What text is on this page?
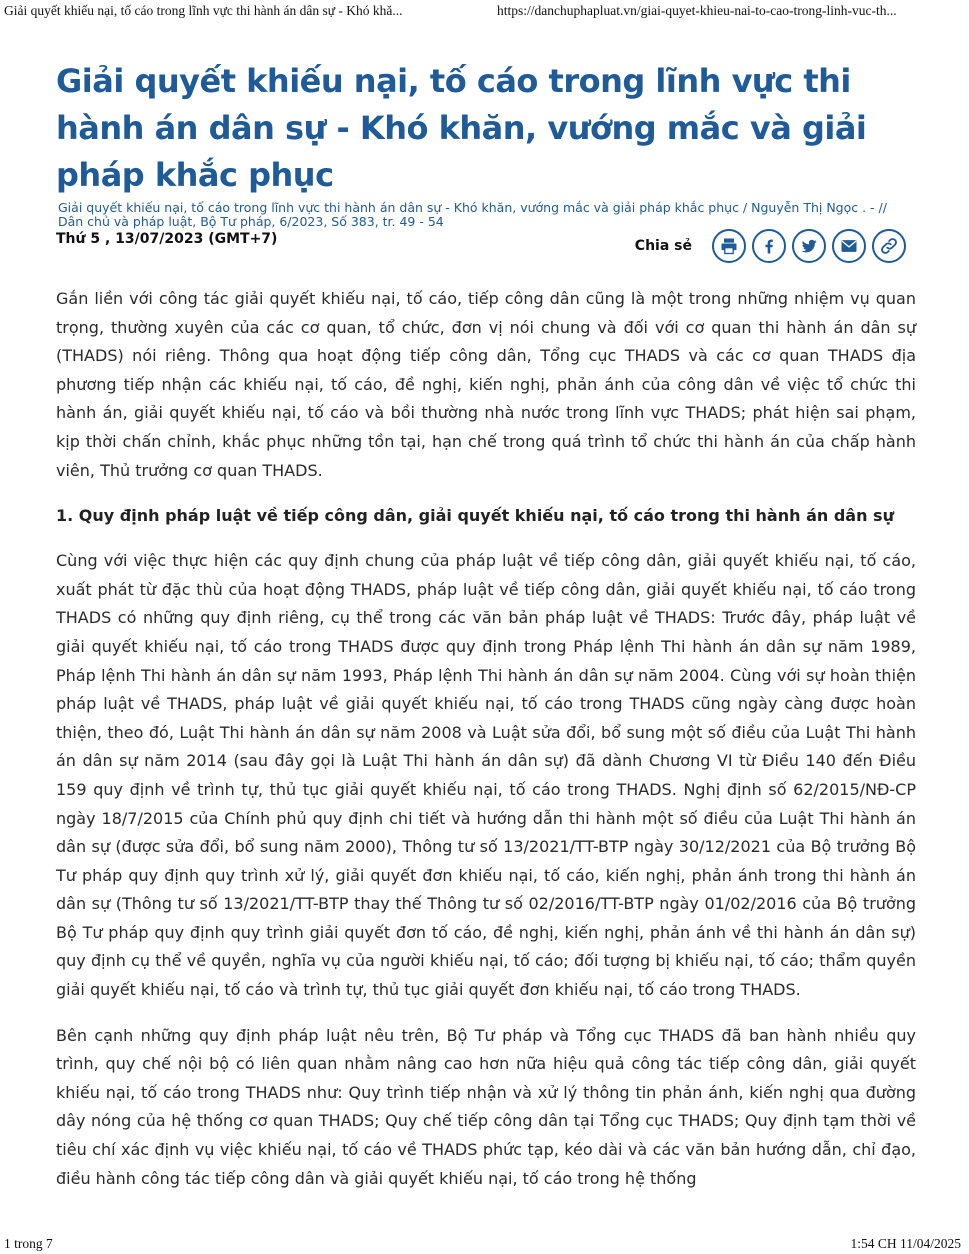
Giải quyết khiếu nại, tố cáo trong lĩnh vực thi hành án dân sự - Khó khă...	https://danchuphapluat.vn/giai-quyet-khieu-nai-to-cao-trong-linh-vuc-th...
Giải quyết khiếu nại, tố cáo trong lĩnh vực thi hành án dân sự - Khó khăn, vướng mắc và giải pháp khắc phục
Giải quyết khiếu nại, tố cáo trong lĩnh vực thi hành án dân sự - Khó khăn, vướng mắc và giải pháp khắc phục / Nguyễn Thị Ngọc . - // Dân chủ và pháp luật, Bộ Tư pháp, 6/2023, Số 383, tr. 49 - 54
Thứ 5 , 13/07/2023 (GMT+7)	Chia sẻ

Gắn liền với công tác giải quyết khiếu nại, tố cáo, tiếp công dân cũng là một trong những nhiệm vụ quan trọng, thường xuyên của các cơ quan, tổ chức, đơn vị nói chung và đối với cơ quan thi hành án dân sự (THADS) nói riêng. Thông qua hoạt động tiếp công dân, Tổng cục THADS và các cơ quan THADS địa phương tiếp nhận các khiếu nại, tố cáo, đề nghị, kiến nghị, phản ánh của công dân về việc tổ chức thi hành án, giải quyết khiếu nại, tố cáo và bồi thường nhà nước trong lĩnh vực THADS; phát hiện sai phạm, kịp thời chấn chỉnh, khắc phục những tồn tại, hạn chế trong quá trình tổ chức thi hành án của chấp hành viên, Thủ trưởng cơ quan THADS.

1. Quy định pháp luật về tiếp công dân, giải quyết khiếu nại, tố cáo trong thi hành án dân sự

Cùng với việc thực hiện các quy định chung của pháp luật về tiếp công dân, giải quyết khiếu nại, tố cáo, xuất phát từ đặc thù của hoạt động THADS, pháp luật về tiếp công dân, giải quyết khiếu nại, tố cáo trong THADS có những quy định riêng, cụ thể trong các văn bản pháp luật về THADS: Trước đây, pháp luật về giải quyết khiếu nại, tố cáo trong THADS được quy định trong Pháp lệnh Thi hành án dân sự năm 1989, Pháp lệnh Thi hành án dân sự năm 1993, Pháp lệnh Thi hành án dân sự năm 2004. Cùng với sự hoàn thiện pháp luật về THADS, pháp luật về giải quyết khiếu nại, tố cáo trong THADS cũng ngày càng được hoàn thiện, theo đó, Luật Thi hành án dân sự năm 2008 và Luật sửa đổi, bổ sung một số điều của Luật Thi hành án dân sự năm 2014 (sau đây gọi là Luật Thi hành án dân sự) đã dành Chương VI từ Điều 140 đến Điều 159 quy định về trình tự, thủ tục giải quyết khiếu nại, tố cáo trong THADS. Nghị định số 62/2015/NĐ-CP ngày 18/7/2015 của Chính phủ quy định chi tiết và hướng dẫn thi hành một số điều của Luật Thi hành án dân sự (được sửa đổi, bổ sung năm 2000), Thông tư số 13/2021/TT-BTP ngày 30/12/2021 của Bộ trưởng Bộ Tư pháp quy định quy trình xử lý, giải quyết đơn khiếu nại, tố cáo, kiến nghị, phản ánh trong thi hành án dân sự (Thông tư số 13/2021/TT-BTP thay thế Thông tư số 02/2016/TT-BTP ngày 01/02/2016 của Bộ trưởng Bộ Tư pháp quy định quy trình giải quyết đơn tố cáo, đề nghị, kiến nghị, phản ánh về thi hành án dân sự) quy định cụ thể về quyền, nghĩa vụ của người khiếu nại, tố cáo; đối tượng bị khiếu nại, tố cáo; thẩm quyền giải quyết khiếu nại, tố cáo và trình tự, thủ tục giải quyết đơn khiếu nại, tố cáo trong THADS.

Bên cạnh những quy định pháp luật nêu trên, Bộ Tư pháp và Tổng cục THADS đã ban hành nhiều quy trình, quy chế nội bộ có liên quan nhằm nâng cao hơn nữa hiệu quả công tác tiếp công dân, giải quyết khiếu nại, tố cáo trong THADS như: Quy trình tiếp nhận và xử lý thông tin phản ánh, kiến nghị qua đường dây nóng của hệ thống cơ quan THADS; Quy chế tiếp công dân tại Tổng cục THADS; Quy định tạm thời về tiêu chí xác định vụ việc khiếu nại, tố cáo về THADS phức tạp, kéo dài và các văn bản hướng dẫn, chỉ đạo, điều hành công tác tiếp công dân và giải quyết khiếu nại, tố cáo trong hệ thống

1 trong 7	1:54 CH 11/04/2025
